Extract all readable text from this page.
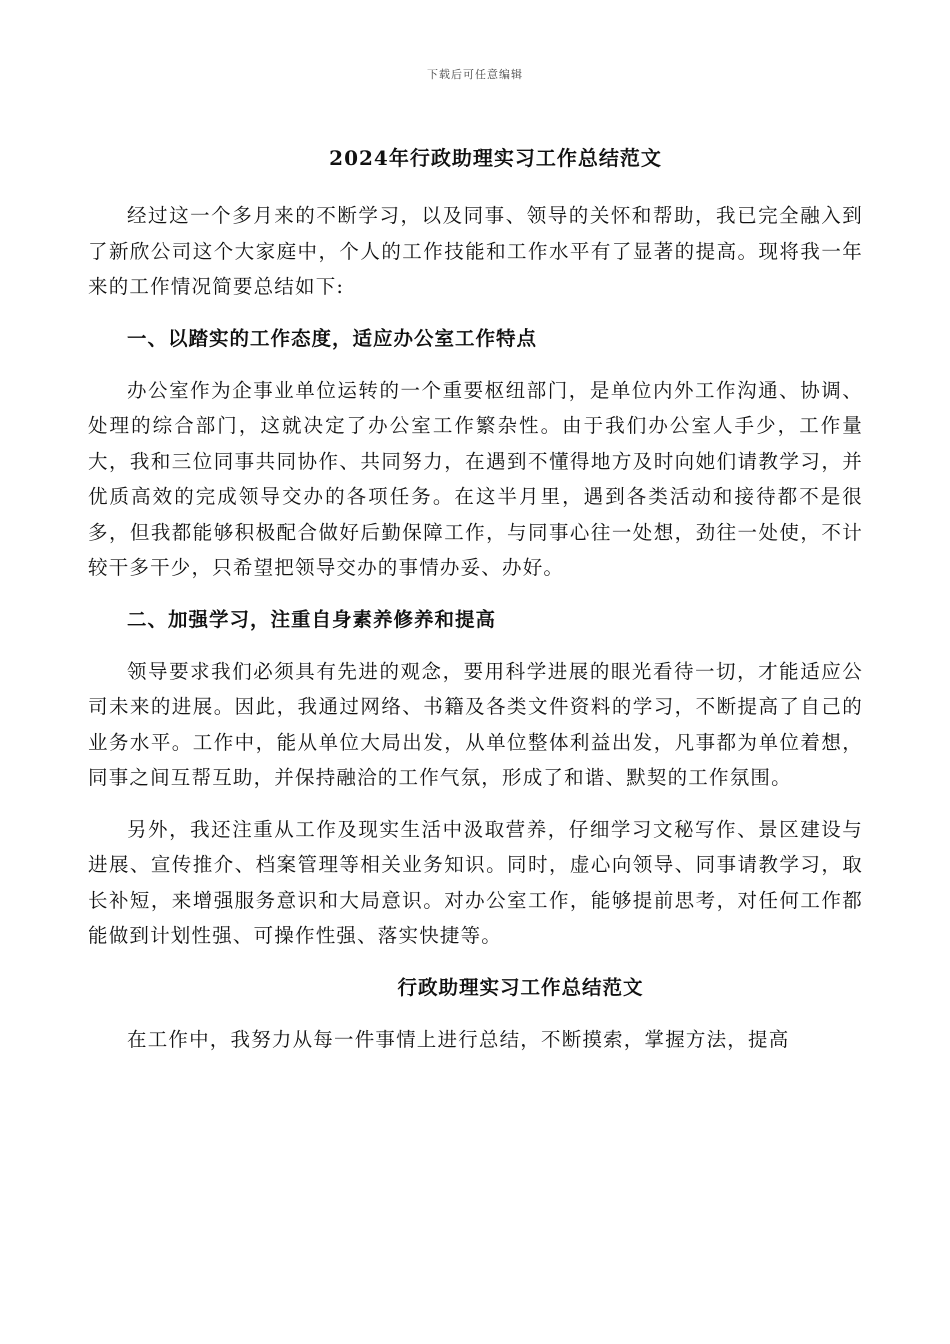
下载后可任意编辑
2024年行政助理实习工作总结范文

经过这一个多月来的不断学习，以及同事、领导的关怀和帮助，我已完全融入到了新欣公司这个大家庭中，个人的工作技能和工作水平有了显著的提高。现将我一年来的工作情况简要总结如下:

一、以踏实的工作态度，适应办公室工作特点

办公室作为企事业单位运转的一个重要枢纽部门，是单位内外工作沟通、协调、处理的综合部门，这就决定了办公室工作繁杂性。由于我们办公室人手少，工作量大，我和三位同事共同协作、共同努力，在遇到不懂得地方及时向她们请教学习，并优质高效的完成领导交办的各项任务。在这半月里，遇到各类活动和接待都不是很多，但我都能够积极配合做好后勤保障工作，与同事心往一处想，劲往一处使，不计较干多干少，只希望把领导交办的事情办妥、办好。

二、加强学习，注重自身素养修养和提高

领导要求我们必须具有先进的观念，要用科学进展的眼光看待一切，才能适应公司未来的进展。因此，我通过网络、书籍及各类文件资料的学习，不断提高了自己的业务水平。工作中，能从单位大局出发，从单位整体利益出发，凡事都为单位着想，同事之间互帮互助，并保持融洽的工作气氛，形成了和谐、默契的工作氛围。

另外，我还注重从工作及现实生活中汲取营养，仔细学习文秘写作、景区建设与进展、宣传推介、档案管理等相关业务知识。同时，虚心向领导、同事请教学习，取长补短，来增强服务意识和大局意识。对办公室工作，能够提前思考，对任何工作都能做到计划性强、可操作性强、落实快捷等。

行政助理实习工作总结范文

在工作中，我努力从每一件事情上进行总结，不断摸索，掌握方法，提高
